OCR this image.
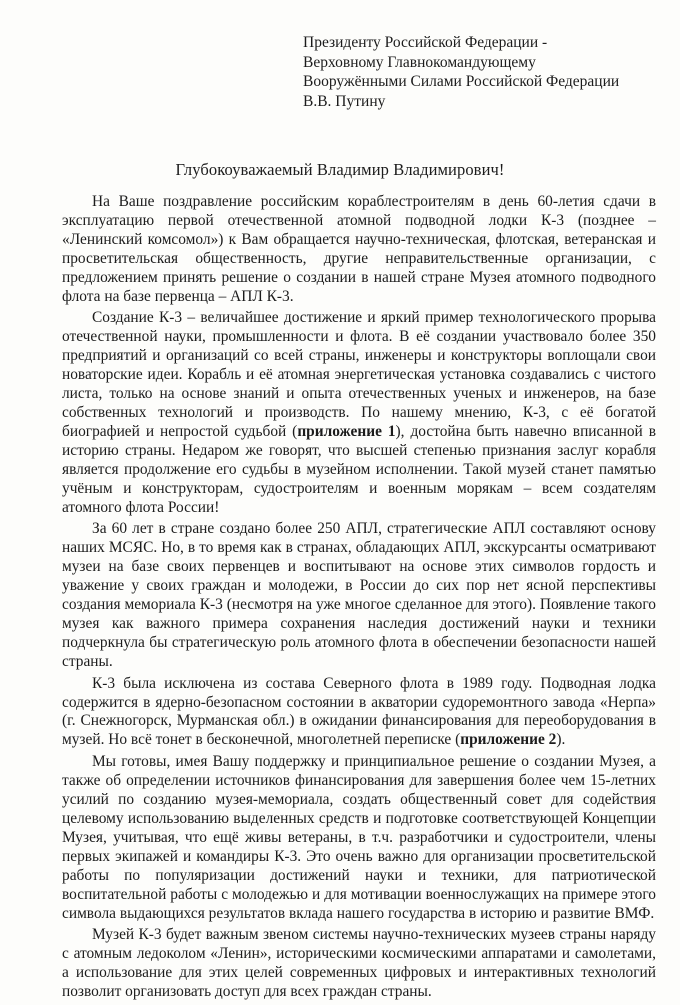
Президенту Российской Федерации -
Верховному Главнокомандующему
Вооружёнными Силами Российской Федерации
В.В. Путину
Глубокоуважаемый Владимир Владимирович!

На Ваше поздравление российским кораблестроителям в день 60-летия сдачи в эксплуатацию первой отечественной атомной подводной лодки К-3 (позднее – «Ленинский комсомол») к Вам обращается научно-техническая, флотская, ветеранская и просветительская общественность, другие неправительственные организации, с предложением принять решение о создании в нашей стране Музея атомного подводного флота на базе первенца – АПЛ К-3.

Создание К-3 – величайшее достижение и яркий пример технологического прорыва отечественной науки, промышленности и флота. В её создании участвовало более 350 предприятий и организаций со всей страны, инженеры и конструкторы воплощали свои новаторские идеи. Корабль и её атомная энергетическая установка создавались с чистого листа, только на основе знаний и опыта отечественных ученых и инженеров, на базе собственных технологий и производств. По нашему мнению, К-3, с её богатой биографией и непростой судьбой (приложение 1), достойна быть навечно вписанной в историю страны. Недаром же говорят, что высшей степенью признания заслуг корабля является продолжение его судьбы в музейном исполнении. Такой музей станет памятью учёным и конструкторам, судостроителям и военным морякам – всем создателям атомного флота России!

За 60 лет в стране создано более 250 АПЛ, стратегические АПЛ составляют основу наших МСЯС. Но, в то время как в странах, обладающих АПЛ, экскурсанты осматривают музеи на базе своих первенцев и воспитывают на основе этих символов гордость и уважение у своих граждан и молодежи, в России до сих пор нет ясной перспективы создания мемориала К-3 (несмотря на уже многое сделанное для этого). Появление такого музея как важного примера сохранения наследия достижений науки и техники подчеркнула бы стратегическую роль атомного флота в обеспечении безопасности нашей страны.

К-3 была исключена из состава Северного флота в 1989 году. Подводная лодка содержится в ядерно-безопасном состоянии в акватории судоремонтного завода «Нерпа» (г. Снежногорск, Мурманская обл.) в ожидании финансирования для переоборудования в музей. Но всё тонет в бесконечной, многолетней переписке (приложение 2).

Мы готовы, имея Вашу поддержку и принципиальное решение о создании Музея, а также об определении источников финансирования для завершения более чем 15-летних усилий по созданию музея-мемориала, создать общественный совет для содействия целевому использованию выделенных средств и подготовке соответствующей Концепции Музея, учитывая, что ещё живы ветераны, в т.ч. разработчики и судостроители, члены первых экипажей и командиры К-3. Это очень важно для организации просветительской работы по популяризации достижений науки и техники, для патриотической воспитательной работы с молодежью и для мотивации военнослужащих на примере этого символа выдающихся результатов вклада нашего государства в историю и развитие ВМФ.

Музей К-3 будет важным звеном системы научно-технических музеев страны наряду с атомным ледоколом «Ленин», историческими космическими аппаратами и самолетами, а использование для этих целей современных цифровых и интерактивных технологий позволит организовать доступ для всех граждан страны.
